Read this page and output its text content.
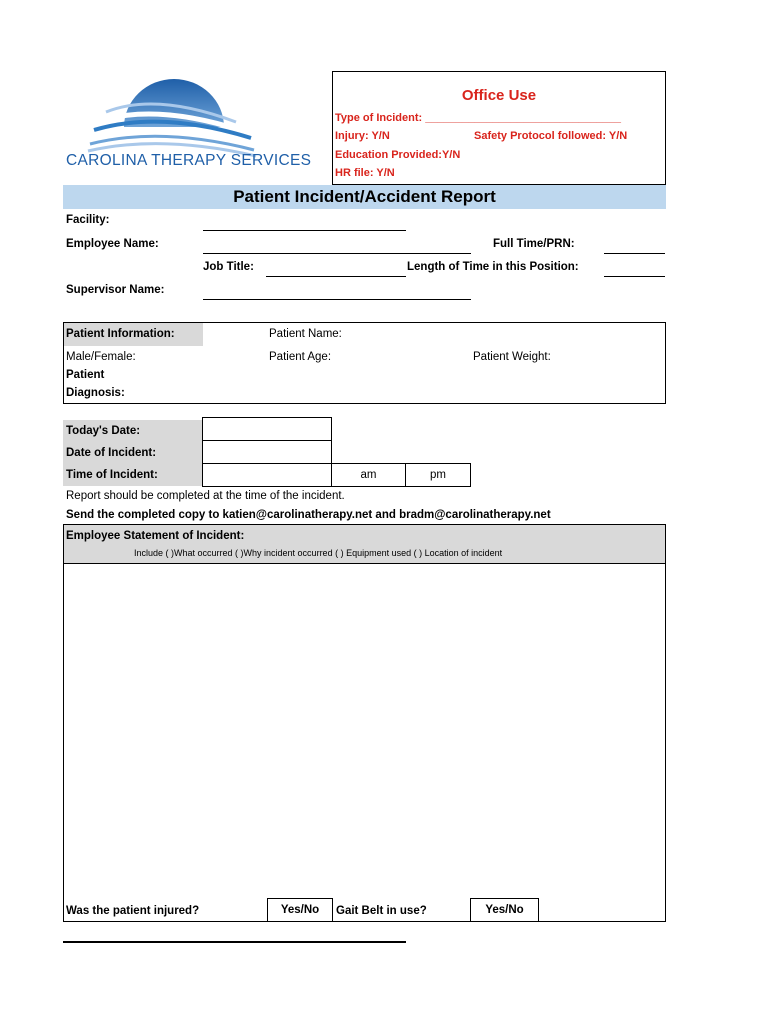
CAROLINA THERAPY SERVICES
Office Use
Type of Incident: ________________________________
Injury: Y/N	Safety Protocol followed: Y/N
Education Provided:Y/N
HR file: Y/N
Patient Incident/Accident Report
Facility:
Employee Name:	Full Time/PRN:
Job Title:	Length of Time in this Position:
Supervisor Name:
Patient Information:	Patient Name:
Male/Female:	Patient Age:	Patient Weight:
Patient
Diagnosis:
Today's Date:
Date of Incident:
Time of Incident:	am	pm
Report should be completed at the time of the incident.
Send the completed copy to katien@carolinatherapy.net and bradm@carolinatherapy.net
Employee Statement of Incident:
Include ( )What occurred ( )Why incident occurred ( ) Equipment used ( ) Location of incident
Was the patient injured?	Yes/No	Gait Belt in use?	Yes/No
